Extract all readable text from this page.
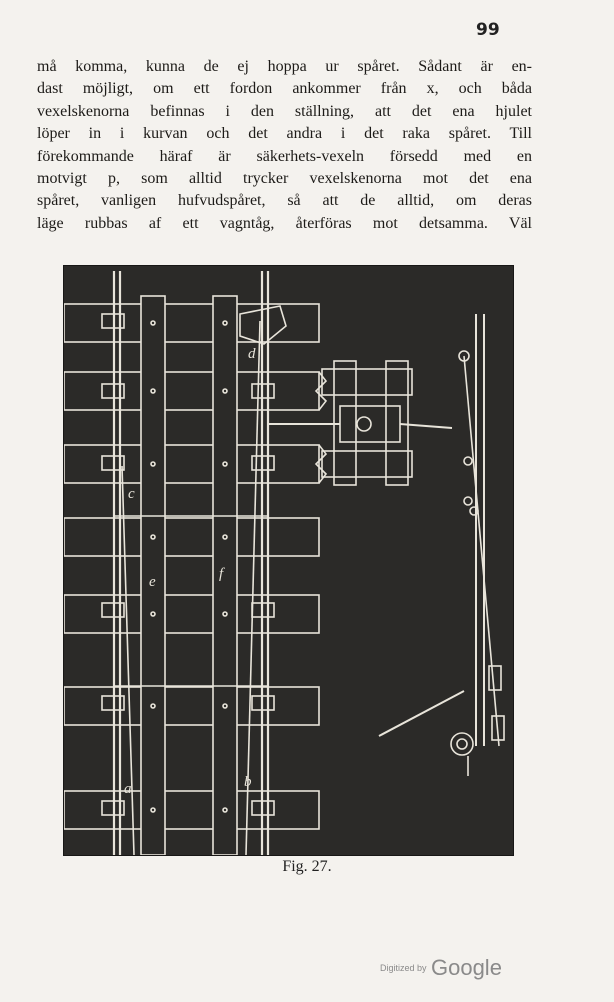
99
må komma, kunna de ej hoppa ur spåret. Sådant är en-
dast möjligt, om ett fordon ankommer från x, och båda
vexelskenorna befinnas i den ställning, att det ena hjulet
löper in i kurvan och det andra i det raka spåret. Till
förekommande häraf är säkerhets-vexeln försedd med en
motvigt p, som alltid trycker vexelskenorna mot det ena
spåret, vanligen hufvudspåret, så att de alltid, om deras
läge rubbas af ett vagntåg, återföras mot detsamma. Väl
d
c
e	f
a	b
Fig. 27.
Digitized by Google
